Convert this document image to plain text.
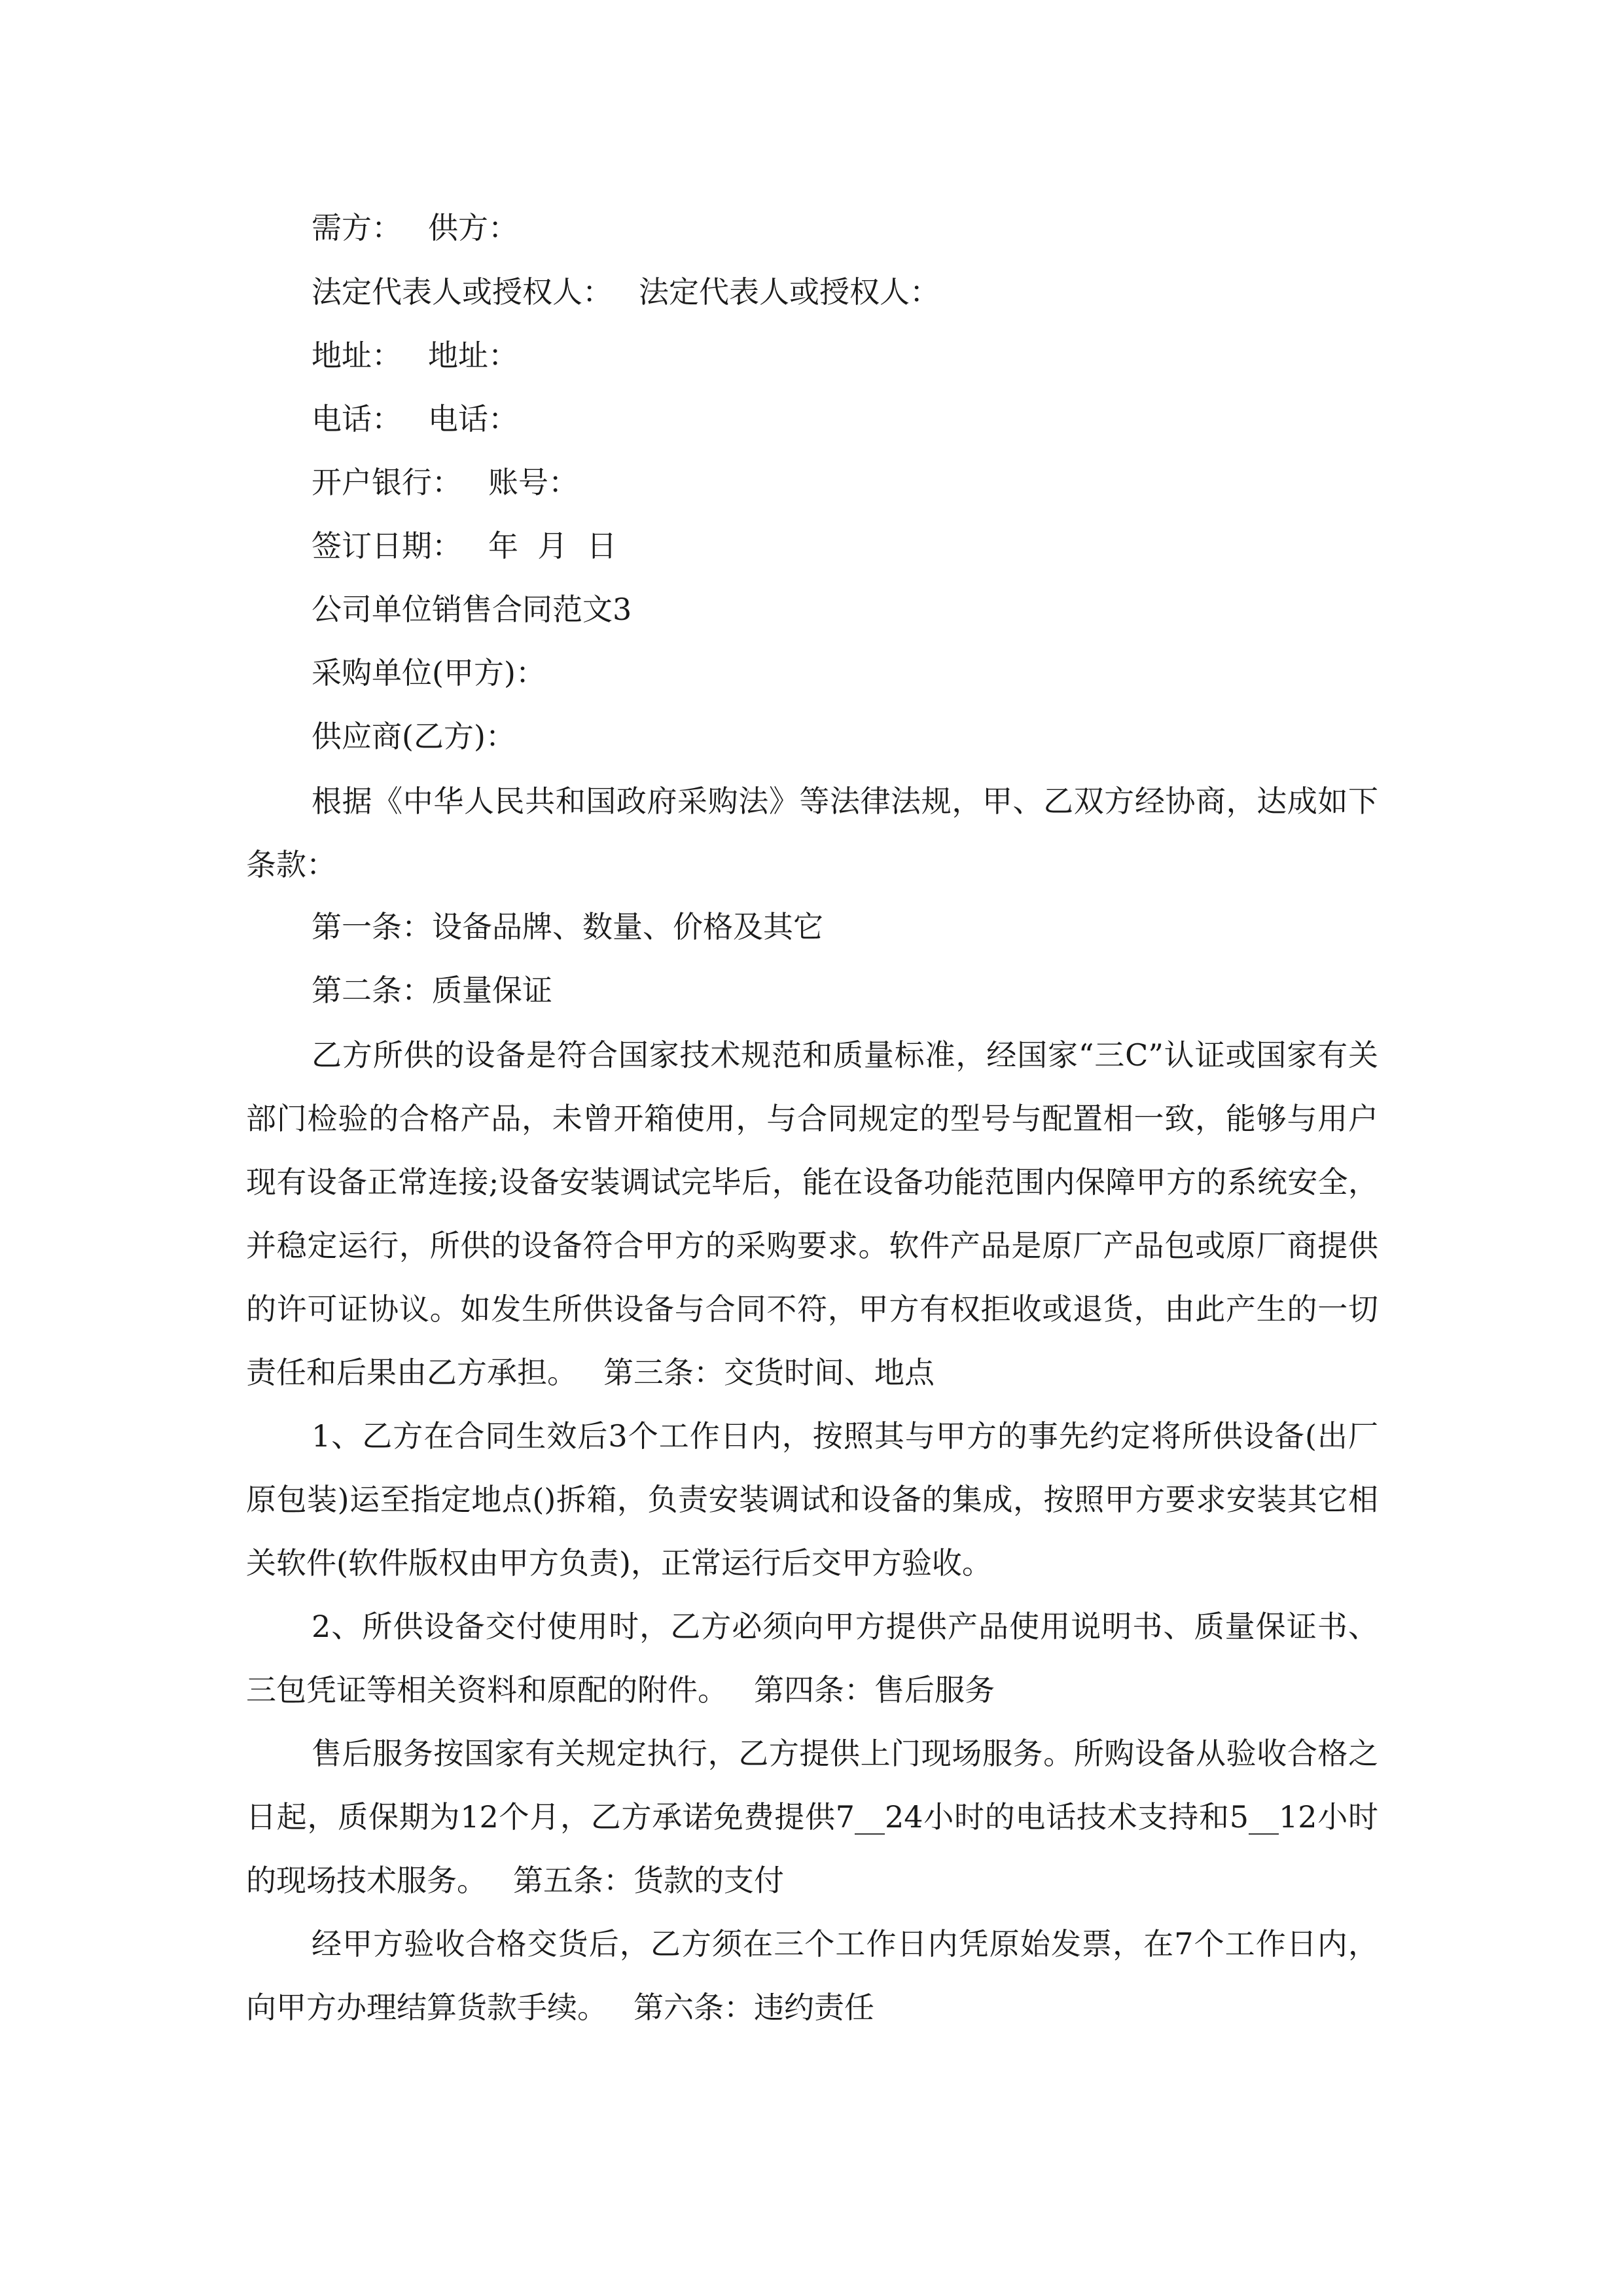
需方： 供方：
法定代表人或授权人： 法定代表人或授权人：
地址： 地址：
电话： 电话：
开户银行： 账号：
签订日期： 年  月  日
公司单位销售合同范文3
采购单位(甲方)：
供应商(乙方)：
根据《中华人民共和国政府采购法》等法律法规，甲、乙双方经协商，达成如下条款：
第一条：设备品牌、数量、价格及其它
第二条：质量保证
乙方所供的设备是符合国家技术规范和质量标准，经国家“三C”认证或国家有关部门检验的合格产品，未曾开箱使用，与合同规定的型号与配置相一致，能够与用户现有设备正常连接;设备安装调试完毕后，能在设备功能范围内保障甲方的系统安全，并稳定运行，所供的设备符合甲方的采购要求。软件产品是原厂产品包或原厂商提供的许可证协议。如发生所供设备与合同不符，甲方有权拒收或退货，由此产生的一切责任和后果由乙方承担。 第三条：交货时间、地点
1、乙方在合同生效后3个工作日内，按照其与甲方的事先约定将所供设备(出厂原包装)运至指定地点()拆箱，负责安装调试和设备的集成，按照甲方要求安装其它相关软件(软件版权由甲方负责)，正常运行后交甲方验收。
2、所供设备交付使用时，乙方必须向甲方提供产品使用说明书、质量保证书、三包凭证等相关资料和原配的附件。 第四条：售后服务
售后服务按国家有关规定执行，乙方提供上门现场服务。所购设备从验收合格之日起，质保期为12个月，乙方承诺免费提供7__24小时的电话技术支持和5__12小时的现场技术服务。 第五条：货款的支付
经甲方验收合格交货后，乙方须在三个工作日内凭原始发票，在7个工作日内，向甲方办理结算货款手续。 第六条：违约责任
